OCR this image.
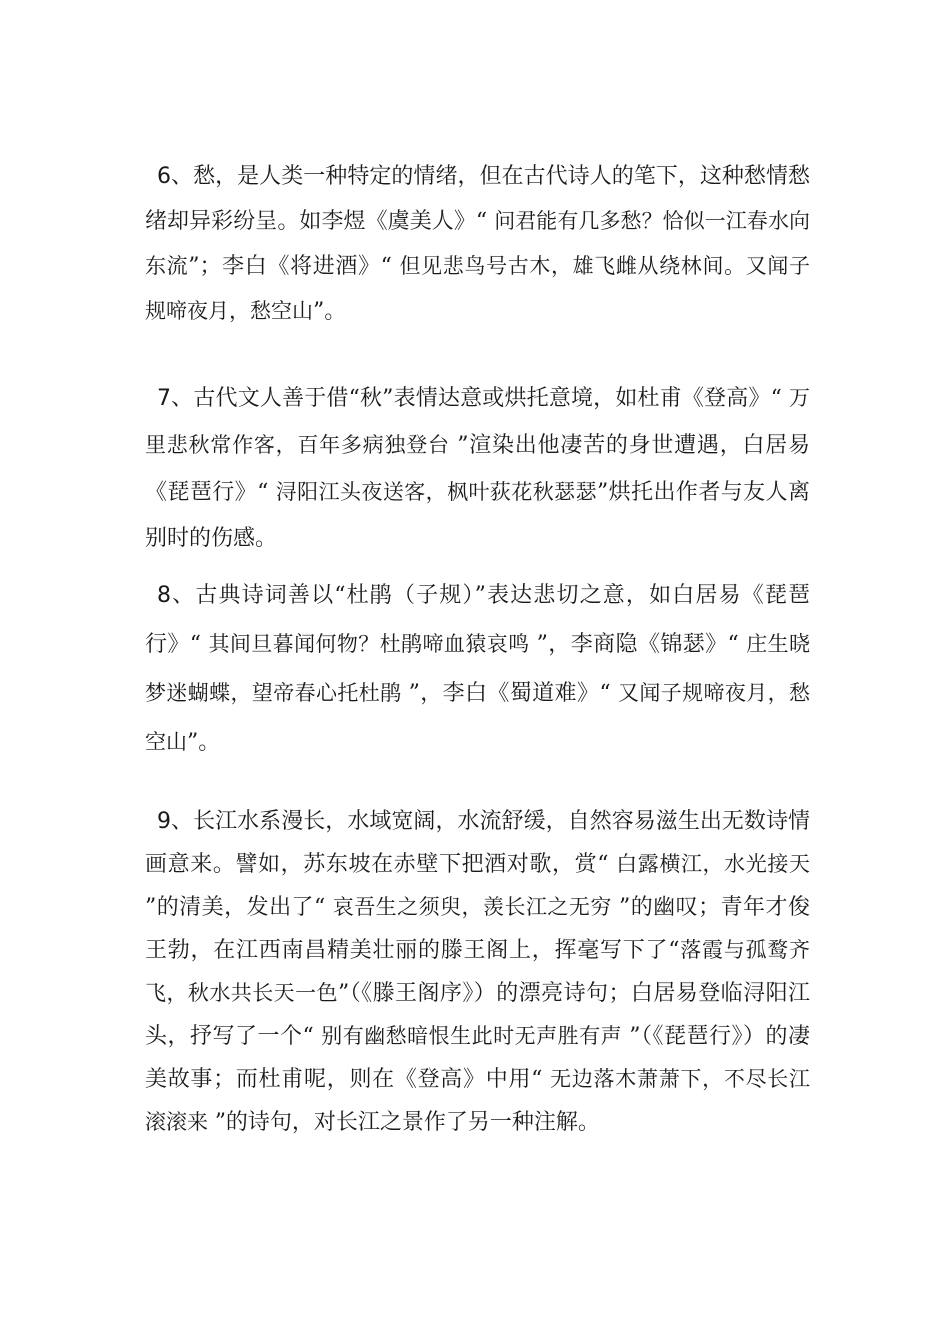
6、愁，是人类一种特定的情绪，但在古代诗人的笔下，这种愁情愁绪却异彩纷呈。如李煜《虞美人》“ 问君能有几多愁？恰似一江春水向东流”；李白《将进酒》“ 但见悲鸟号古木，雄飞雌从绕林间。又闻子规啼夜月，愁空山”。

7、古代文人善于借“秋”表情达意或烘托意境，如杜甫《登高》“ 万里悲秋常作客，百年多病独登台 ”渲染出他凄苦的身世遭遇，白居易《琵琶行》“ 浔阳江头夜送客，枫叶荻花秋瑟瑟”烘托出作者与友人离别时的伤感。

8、古典诗词善以“杜鹃（子规）”表达悲切之意，如白居易《琵琶行》“ 其间旦暮闻何物？杜鹃啼血猿哀鸣 ”，李商隐《锦瑟》“ 庄生晓梦迷蝴蝶，望帝春心托杜鹃 ”，李白《蜀道难》“ 又闻子规啼夜月，愁空山”。

9、长江水系漫长，水域宽阔，水流舒缓，自然容易滋生出无数诗情画意来。譬如，苏东坡在赤壁下把酒对歌，赏“ 白露横江，水光接天 ”的清美，发出了“ 哀吾生之须臾，羡长江之无穷 ”的幽叹；青年才俊王勃，在江西南昌精美壮丽的滕王阁上，挥毫写下了“落霞与孤鹜齐飞，秋水共长天一色”（《滕王阁序》）的漂亮诗句；白居易登临浔阳江头，抒写了一个“ 别有幽愁暗恨生此时无声胜有声 ”（《琵琶行》）的凄美故事；而杜甫呢，则在《登高》中用“ 无边落木萧萧下，不尽长江滚滚来 ”的诗句，对长江之景作了另一种注解。
